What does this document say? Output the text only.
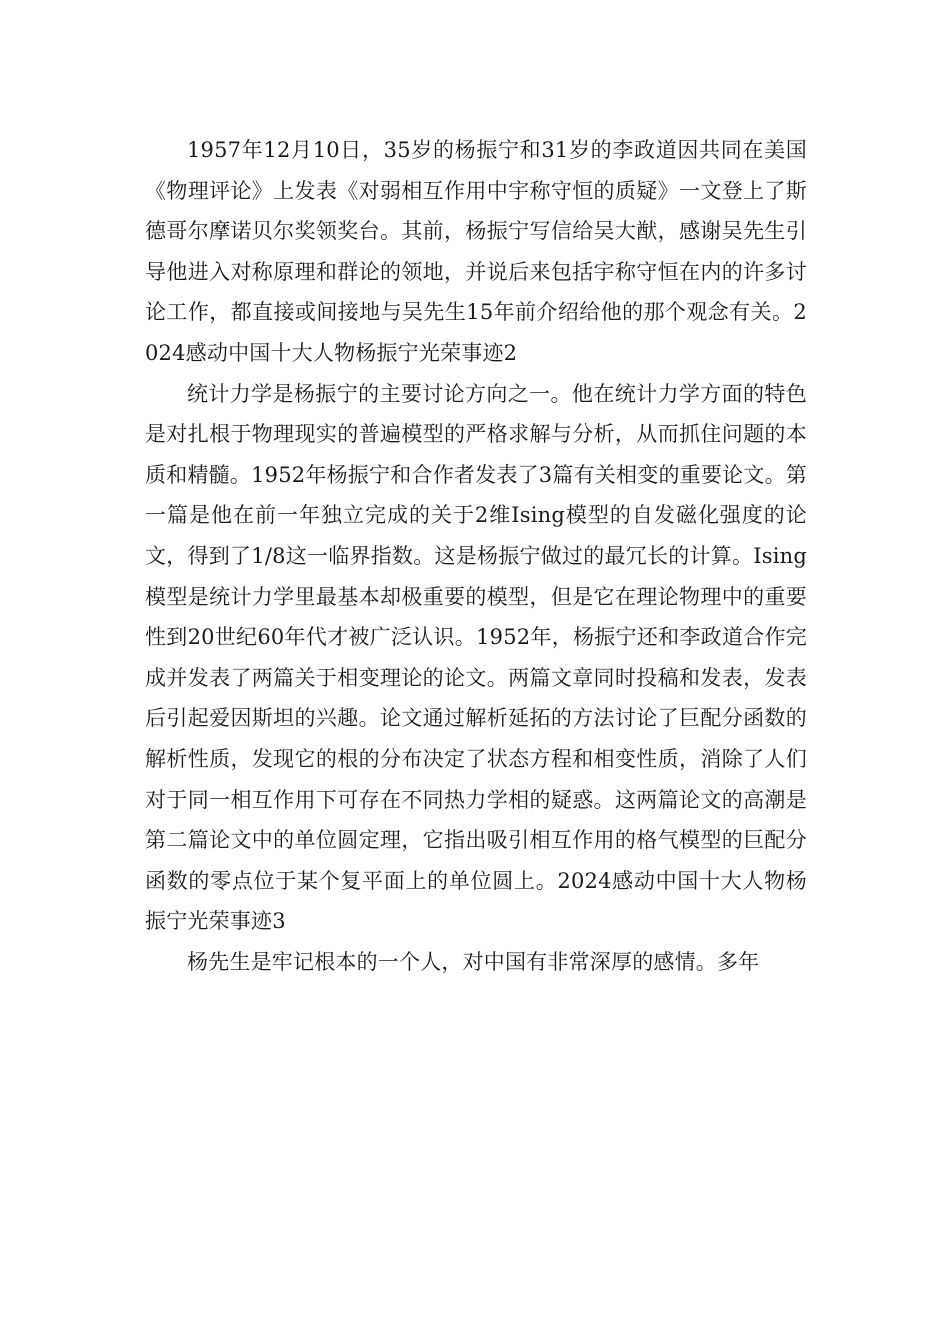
1957年12月10日，35岁的杨振宁和31岁的李政道因共同在美国《物理评论》上发表《对弱相互作用中宇称守恒的质疑》一文登上了斯德哥尔摩诺贝尔奖领奖台。其前，杨振宁写信给吴大猷，感谢吴先生引导他进入对称原理和群论的领地，并说后来包括宇称守恒在内的许多讨论工作，都直接或间接地与吴先生15年前介绍给他的那个观念有关。2024感动中国十大人物杨振宁光荣事迹2

统计力学是杨振宁的主要讨论方向之一。他在统计力学方面的特色是对扎根于物理现实的普遍模型的严格求解与分析，从而抓住问题的本质和精髓。1952年杨振宁和合作者发表了3篇有关相变的重要论文。第一篇是他在前一年独立完成的关于2维Ising模型的自发磁化强度的论文，得到了1/8这一临界指数。这是杨振宁做过的最冗长的计算。Ising模型是统计力学里最基本却极重要的模型，但是它在理论物理中的重要性到20世纪60年代才被广泛认识。1952年，杨振宁还和李政道合作完成并发表了两篇关于相变理论的论文。两篇文章同时投稿和发表，发表后引起爱因斯坦的兴趣。论文通过解析延拓的方法讨论了巨配分函数的解析性质，发现它的根的分布决定了状态方程和相变性质，消除了人们对于同一相互作用下可存在不同热力学相的疑惑。这两篇论文的高潮是第二篇论文中的单位圆定理，它指出吸引相互作用的格气模型的巨配分函数的零点位于某个复平面上的单位圆上。2024感动中国十大人物杨振宁光荣事迹3

杨先生是牢记根本的一个人，对中国有非常深厚的感情。多年
